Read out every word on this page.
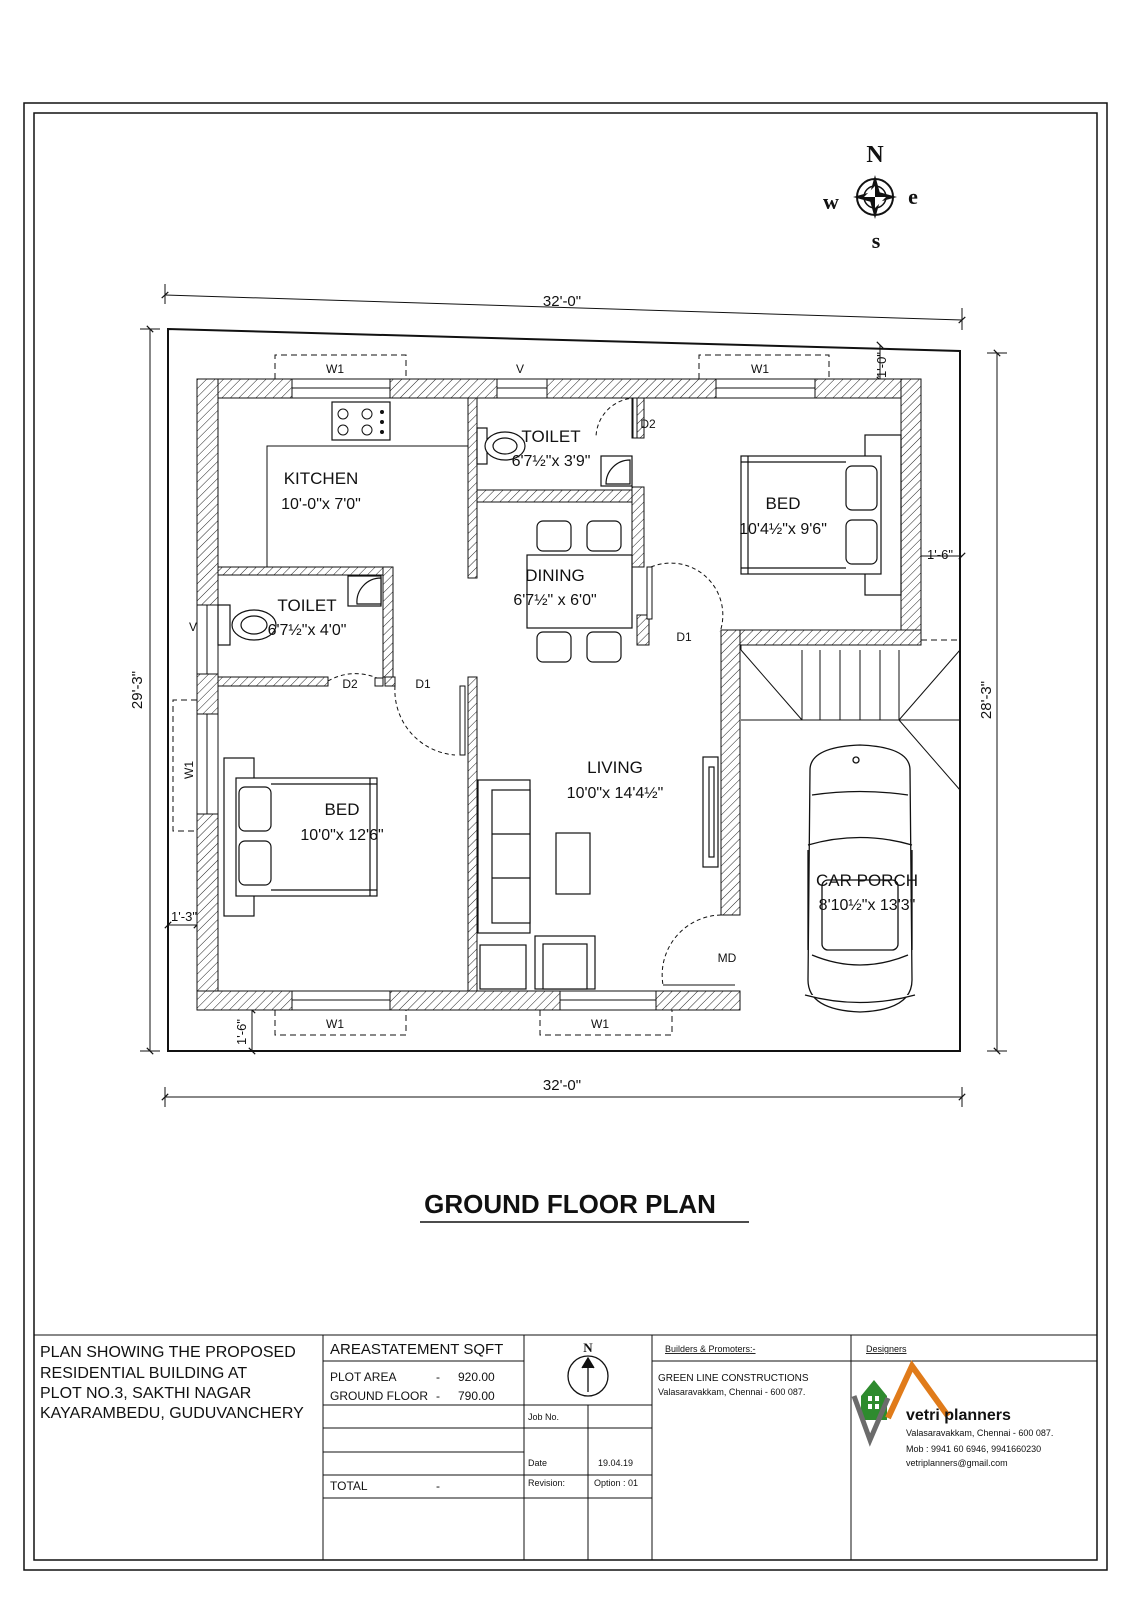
N
w	e
s
32'-0"
32'-0"
29'-3"	28'-3"
1'-0"
1'-6"
1'-3"
1'-6"
KITCHEN
10'-0"x 7'0"
TOILET
6'7½"x 3'9"
BED
10'4½"x 9'6"
DINING
6'7½" x 6'0"
TOILET
6'7½"x 4'0"
BED
10'0"x 12'6"
LIVING
10'0"x 14'4½"
CAR PORCH
8'10½"x 13'3"
W1	V	W1
V
W1
W1	W1
D2
D1
D2	D1
MD
GROUND FLOOR PLAN
PLAN SHOWING THE PROPOSED
RESIDENTIAL BUILDING AT
PLOT NO.3, SAKTHI NAGAR
KAYARAMBEDU, GUDUVANCHERY
AREASTATEMENT SQFT
PLOT AREA	- 920.00
GROUND FLOOR - 790.00
TOTAL	-
N
Job No.
Date	19.04.19
Revision:	Option : 01
Builders & Promoters:-
GREEN LINE CONSTRUCTIONS
Valasaravakkam, Chennai - 600 087.
Designers
vetri planners
Valasaravakkam, Chennai - 600 087.
Mob : 9941 60 6946, 9941660230
vetriplanners@gmail.com
